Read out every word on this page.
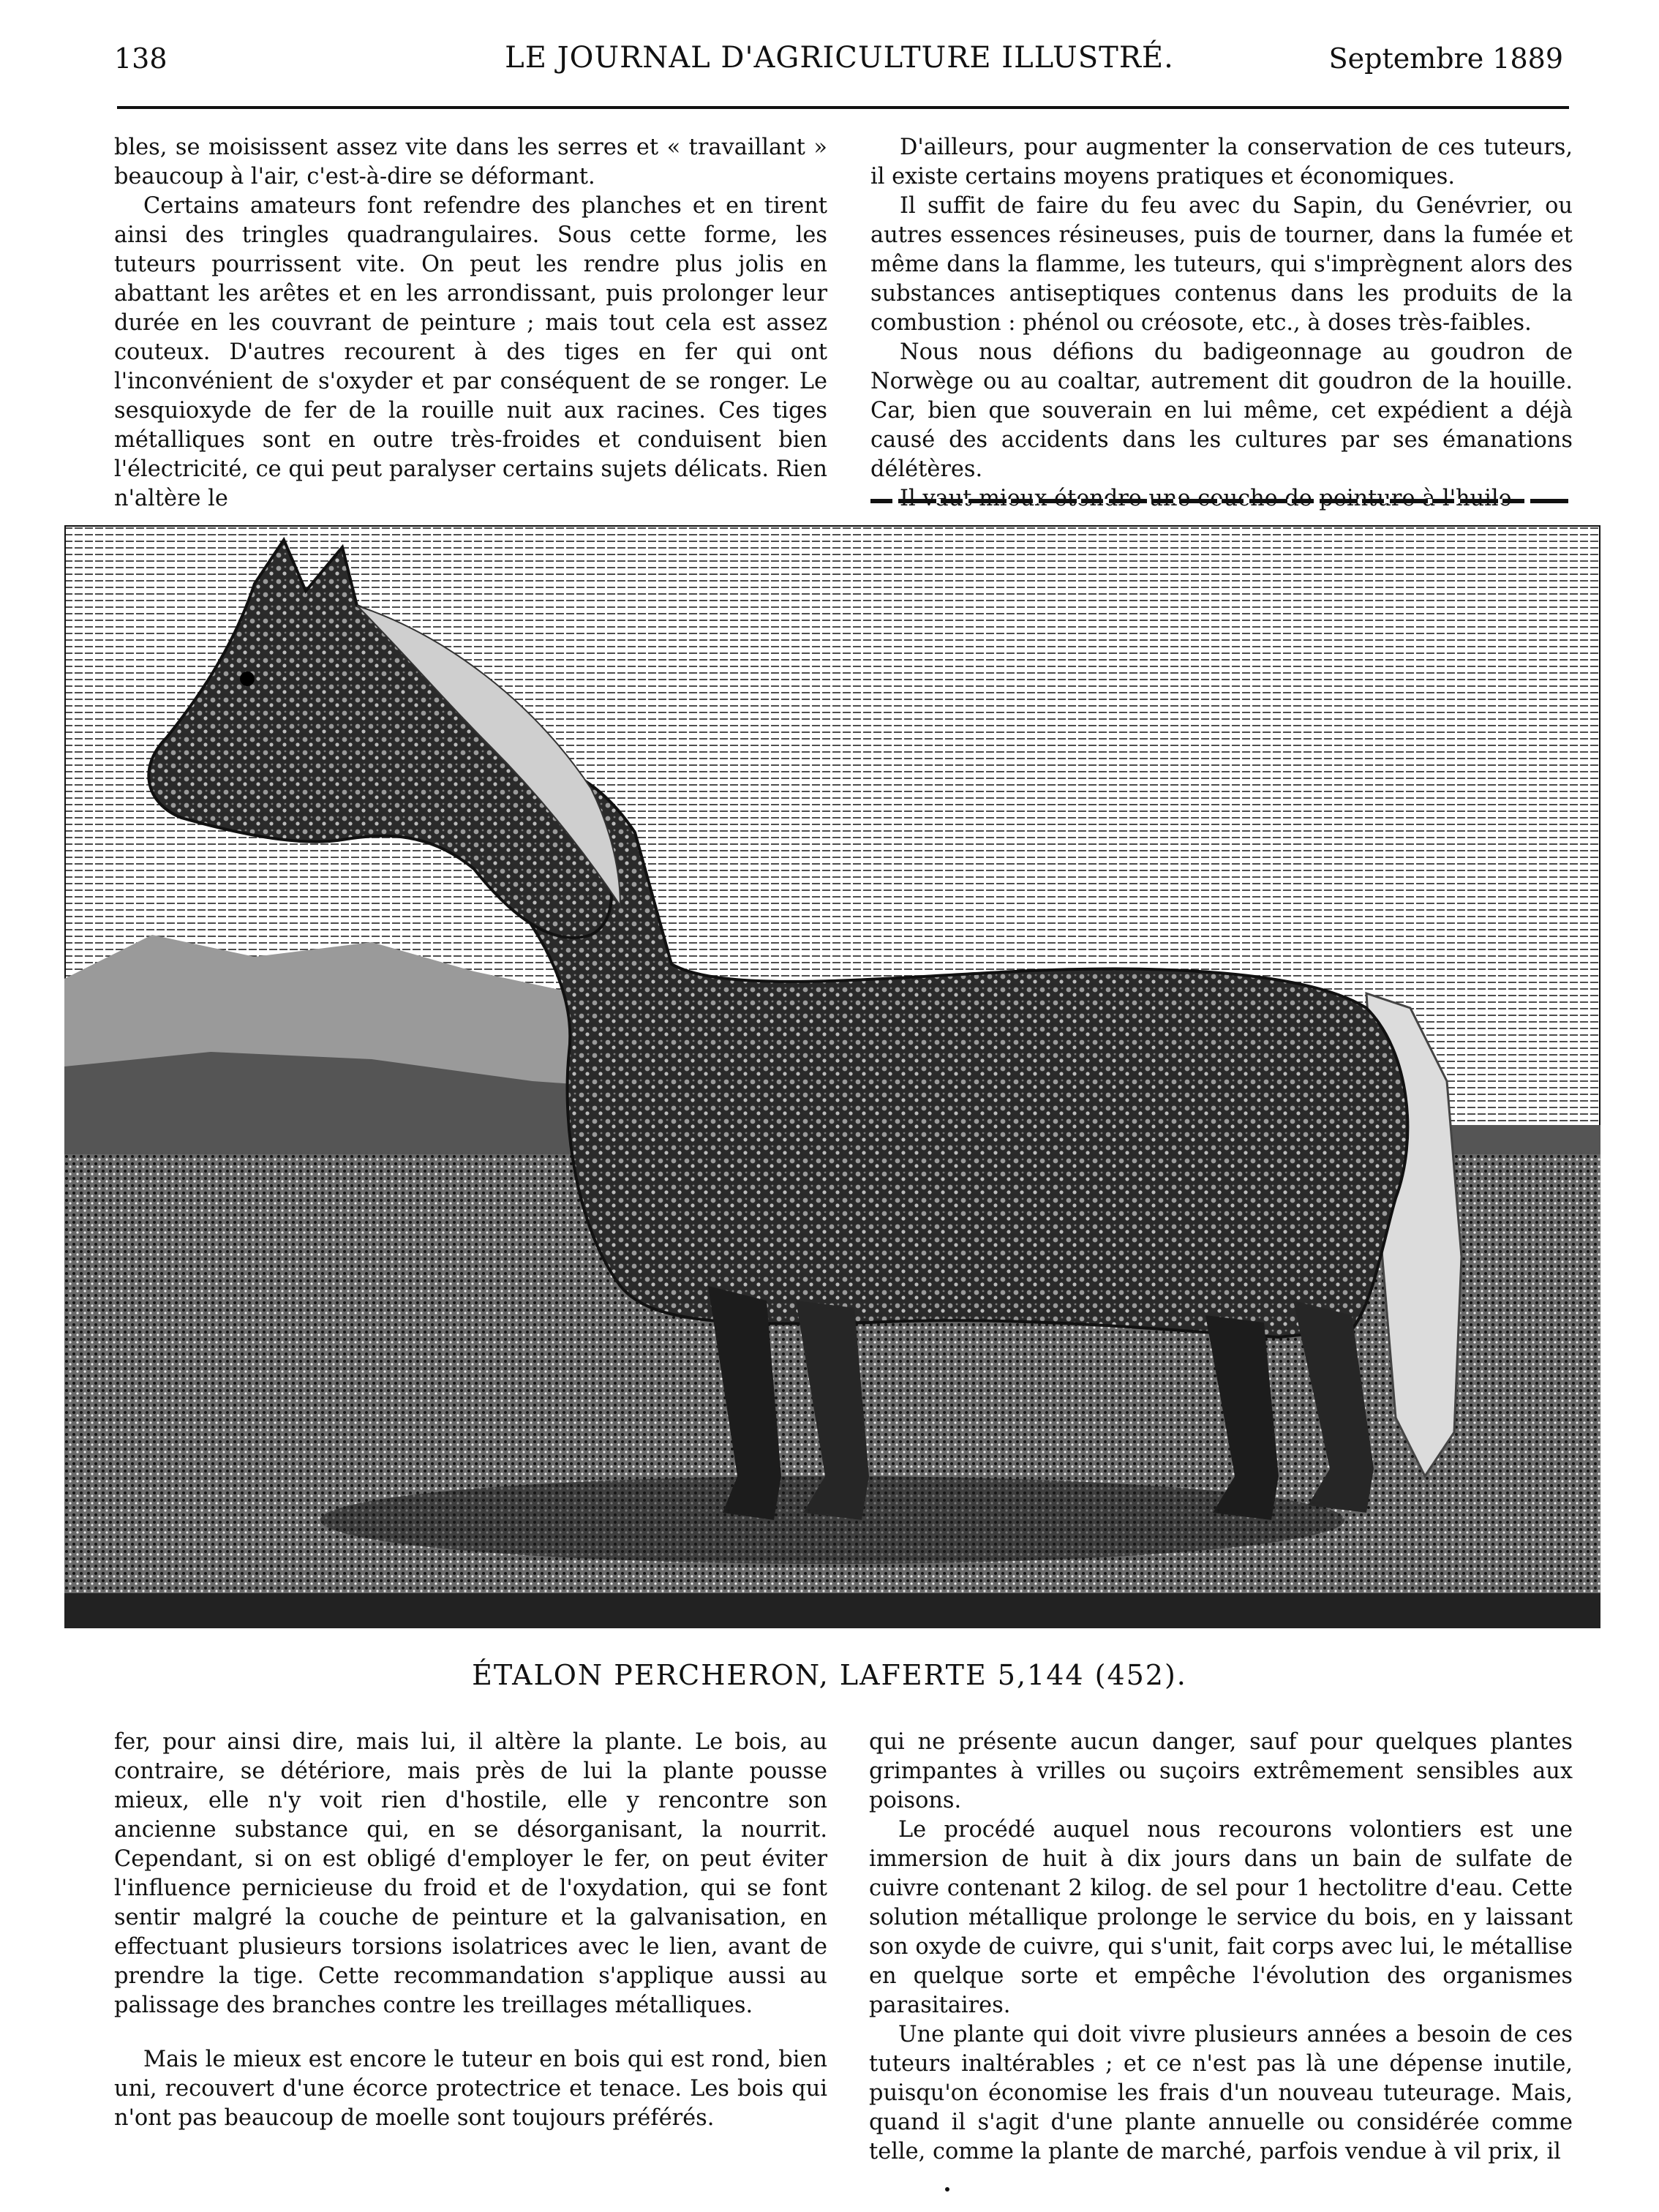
138	LE JOURNAL D'AGRICULTURE ILLUSTRÉ.	Septembre 1889

bles, se moisissent assez vite dans les serres et « travaillant » beaucoup à l'air, c'est-à-dire se déformant.

Certains amateurs font refendre des planches et en tirent ainsi des tringles quadrangulaires. Sous cette forme, les tuteurs pourrissent vite. On peut les rendre plus jolis en abattant les arêtes et en les arrondissant, puis prolonger leur durée en les couvrant de peinture ; mais tout cela est assez couteux. D'autres recourent à des tiges en fer qui ont l'inconvénient de s'oxyder et par conséquent de se ronger. Le sesquioxyde de fer de la rouille nuit aux racines. Ces tiges métalliques sont en outre très-froides et conduisent bien l'électricité, ce qui peut paralyser certains sujets délicats. Rien n'altère le

D'ailleurs, pour augmenter la conservation de ces tuteurs, il existe certains moyens pratiques et économiques.

Il suffit de faire du feu avec du Sapin, du Genévrier, ou autres essences résineuses, puis de tourner, dans la fumée et même dans la flamme, les tuteurs, qui s'imprègnent alors des substances antiseptiques contenus dans les produits de la combustion : phénol ou créosote, etc., à doses très-faibles.

Nous nous défions du badigeonnage au goudron de Norwège ou au coaltar, autrement dit goudron de la houille. Car, bien que souverain en lui même, cet expédient a déjà causé des accidents dans les cultures par ses émanations délétères.

ÉTALON PERCHERON, LAFERTE 5,144 (452).

fer, pour ainsi dire, mais lui, il altère la plante. Le bois, au contraire, se détériore, mais près de lui la plante pousse mieux, elle n'y voit rien d'hostile, elle y rencontre son ancienne substance qui, en se désorganisant, la nourrit. Cependant, si on est obligé d'employer le fer, on peut éviter l'influence pernicieuse du froid et de l'oxydation, qui se font sentir malgré la couche de peinture et la galvanisation, en effectuant plusieurs torsions isolatrices avec le lien, avant de prendre la tige. Cette recommandation s'applique aussi au palissage des branches contre les treillages métalliques.

Mais le mieux est encore le tuteur en bois qui est rond, bien uni, recouvert d'une écorce protectrice et tenace. Les bois qui n'ont pas beaucoup de moelle sont toujours préférés.

qui ne présente aucun danger, sauf pour quelques plantes grimpantes à vrilles ou suçoirs extrêmement sensibles aux poisons.

Le procédé auquel nous recourons volontiers est une immersion de huit à dix jours dans un bain de sulfate de cuivre contenant 2 kilog. de sel pour 1 hectolitre d'eau. Cette solution métallique prolonge le service du bois, en y laissant son oxyde de cuivre, qui s'unit, fait corps avec lui, le métallise en quelque sorte et empêche l'évolution des organismes parasitaires.

Une plante qui doit vivre plusieurs années a besoin de ces tuteurs inaltérables ; et ce n'est pas là une dépense inutile, puisqu'on économise les frais d'un nouveau tuteurage. Mais, quand il s'agit d'une plante annuelle ou considérée comme telle, comme la plante de marché, parfois vendue à vil prix, il
